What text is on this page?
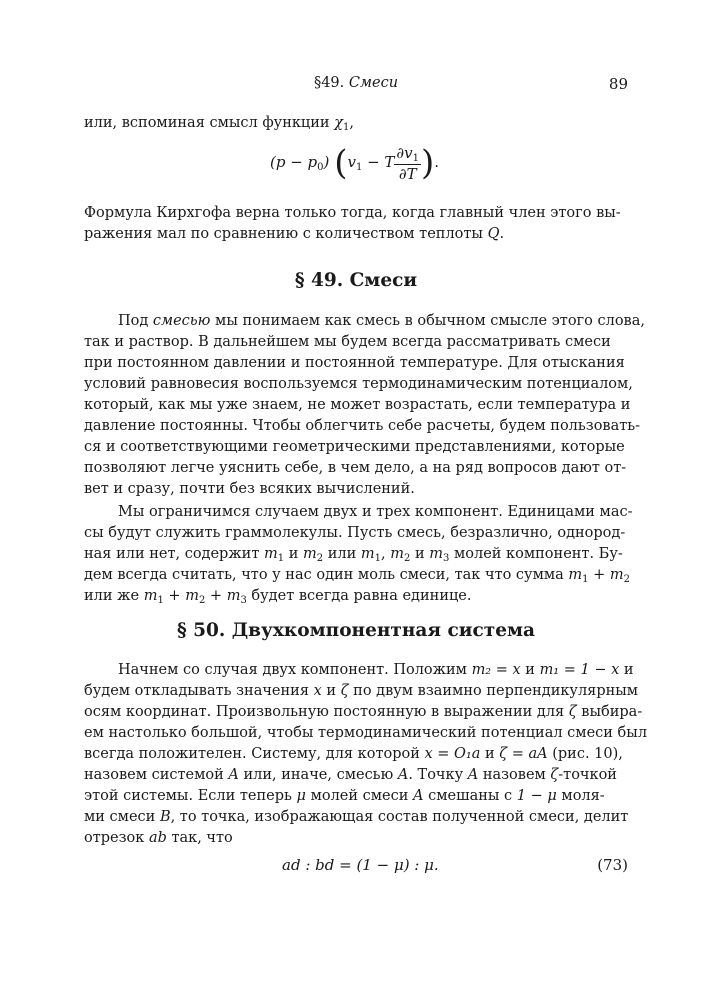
§49. Смеси	89

или, вспоминая смысл функции $\chi_1$,

$(p - p_0)$ ($v_1 - T \frac{\partial v_1}{\partial T}$ ).

Формула Кирхгофа верна только тогда, когда главный член этого вы-

ражения мал по сравнению с количеством теплоты Q.

§ 49. Смеси

Под смесью мы понимаем как смесь в обычном смысле этого слова,

так и раствор. В дальнейшем мы будем всегда рассматривать смеси

при постоянном давлении и постоянной температуре. Для отыскания

условий равновесия воспользуемся термодинамическим потенциалом,

который, как мы уже знаем, не может возрастать, если температура и

давление постоянны. Чтобы облегчить себе расчеты, будем пользовать-

ся и соответствующими геометрическими представлениями, которые

позволяют легче уяснить себе, в чем дело, а на ряд вопросов дают от-

вет и сразу, почти без всяких вычислений.

Мы ограничимся случаем двух и трех компонент. Единицами мас-

сы будут служить граммолекулы. Пусть смесь, безразлично, однород-

ная или нет, содержит $m_1$ и $m_2$ или $m_1$, $m_2$ и $m_3$ молей компонент. Бу-

дем всегда считать, что у нас один моль смеси, так что сумма $m_1 + m_2$

или же $m_1 + m_2 + m_3$ будет всегда равна единице.

§ 50. Двухкомпонентная система

Начнем со случая двух компонент. Положим m₂ = x и m₁ = 1 − x и

будем откладывать значения x и ζ по двум взаимно перпендикулярным

осям координат. Произвольную постоянную в выражении для ζ выбира-

ем настолько большой, чтобы термодинамический потенциал смеси был

всегда положителен. Систему, для которой x = O₁a и ζ = aA (рис. 10),

назовем системой A или, иначе, смесью A. Точку A назовем ζ-точкой

этой системы. Если теперь μ молей смеси A смешаны с 1 − μ моля-

ми смеси B, то точка, изображающая состав полученной смеси, делит

отрезок ab так, что

ad : bd = (1 − μ) : μ.	(73)
